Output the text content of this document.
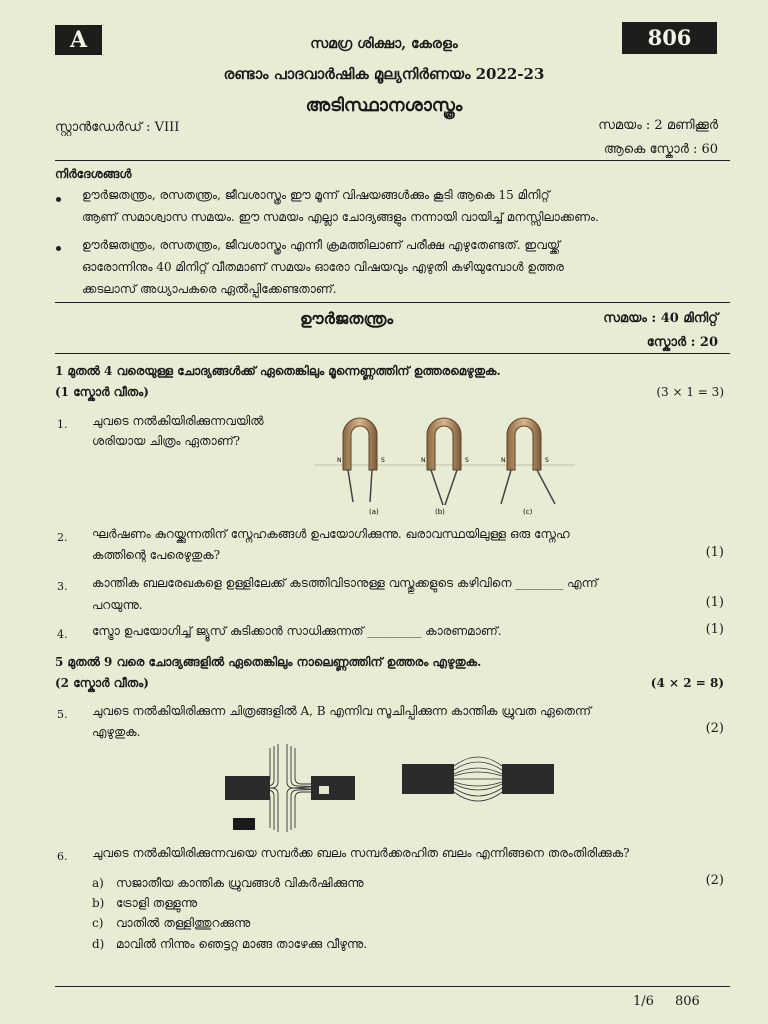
A	806
സമഗ്ര ശിക്ഷാ, കേരളം
രണ്ടാം പാദവാർഷിക മൂല്യനിർണയം 2022-23
അടിസ്ഥാനശാസ്ത്രം
സ്റ്റാൻഡേർഡ് : VIII	സമയം : 2 മണിക്കൂർ
ആകെ സ്കോർ : 60
നിർദേശങ്ങൾ
ഊർജതന്ത്രം, രസതന്ത്രം, ജീവശാസ്ത്രം ഈ മൂന്ന് വിഷയങ്ങൾക്കും കൂടി ആകെ 15 മിനിറ്റ്
ആണ് സമാശ്വാസ സമയം. ഈ സമയം എല്ലാ ചോദ്യങ്ങളും നന്നായി വായിച്ച് മനസ്സിലാക്കണം.
ഊർജതന്ത്രം, രസതന്ത്രം, ജീവശാസ്ത്രം എന്നീ ക്രമത്തിലാണ് പരീക്ഷ എഴുതേണ്ടത്. ഇവയ്ക്ക്
ഓരോന്നിനും 40 മിനിറ്റ് വീതമാണ് സമയം ഓരോ വിഷയവും എഴുതി കഴിയുമ്പോൾ ഉത്തര
ക്കടലാസ് അധ്യാപകരെ ഏൽപ്പിക്കേണ്ടതാണ്.
ഊർജതന്ത്രം	സമയം : 40 മിനിറ്റ്
സ്കോർ : 20
1 മുതൽ 4 വരെയുള്ള ചോദ്യങ്ങൾക്ക് ഏതെങ്കിലും മൂന്നെണ്ണത്തിന് ഉത്തരമെഴുതുക.
(1 സ്കോർ വീതം)	(3 × 1 = 3)
1. ചുവടെ നൽകിയിരിക്കുന്നവയിൽ
ശരിയായ ചിത്രം ഏതാണ്?
N	S	N	S	N	S
(a)	(b)	(c)
2. ഘർഷണം കുറയ്ക്കുന്നതിന് സ്നേഹകങ്ങൾ ഉപയോഗിക്കുന്നു. ഖരാവസ്ഥയിലുള്ള ഒരു സ്നേഹ
കത്തിന്റെ പേരെഴുതുക?	(1)
3. കാന്തിക ബലരേഖകളെ ഉള്ളിലേക്ക് കടത്തിവിടാനുള്ള വസ്തുക്കളുടെ കഴിവിനെ ________ എന്ന്
പറയുന്നു.	(1)
4. സ്ട്രോ ഉപയോഗിച്ച് ജ്യൂസ് കുടിക്കാൻ സാധിക്കുന്നത് _________ കാരണമാണ്.	(1)
5 മുതൽ 9 വരെ ചോദ്യങ്ങളിൽ ഏതെങ്കിലും നാലെണ്ണത്തിന് ഉത്തരം എഴുതുക.
(2 സ്കോർ വീതം)	(4 × 2 = 8)
5. ചുവടെ നൽകിയിരിക്കുന്ന ചിത്രങ്ങളിൽ A, B എന്നിവ സൂചിപ്പിക്കുന്ന കാന്തിക ധ്രുവത ഏതെന്ന്
എഴുതുക.	(2)
6. ചുവടെ നൽകിയിരിക്കുന്നവയെ സമ്പർക്ക ബലം സമ്പർക്കരഹിത ബലം എന്നിങ്ങനെ തരംതിരിക്കുക?
(2)
a) സജാതീയ കാന്തിക ധ്രുവങ്ങൾ വികർഷിക്കുന്നു
b) ട്രോളി തള്ളുന്നു
c) വാതിൽ തള്ളിത്തുറക്കുന്നു
d) മാവിൽ നിന്നും ഞെട്ടറ്റ മാങ്ങ താഴേക്കു വീഴുന്നു.
1/6 806
